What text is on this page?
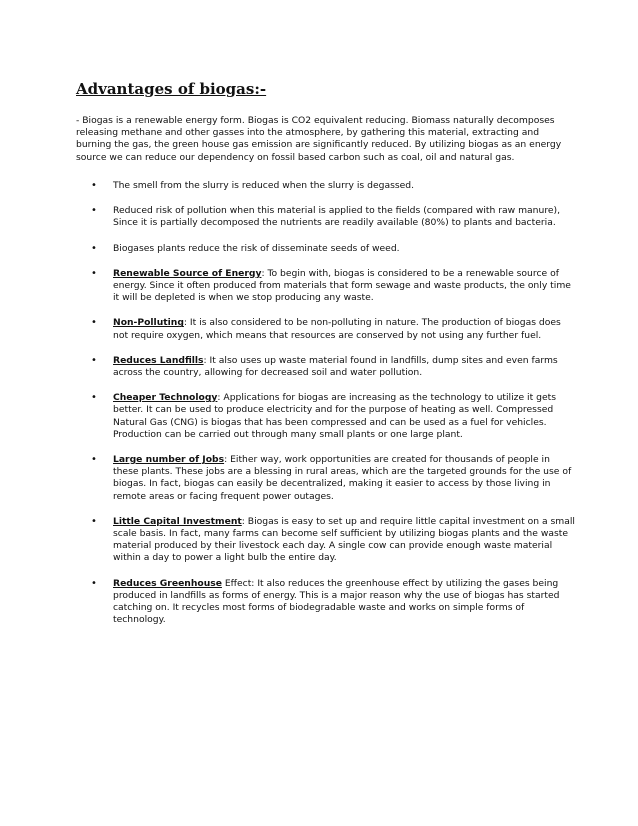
Advantages of biogas:-

- Biogas is a renewable energy form. Biogas is CO2 equivalent reducing. Biomass naturally decomposes releasing methane and other gasses into the atmosphere, by gathering this material, extracting and burning the gas, the green house gas emission are significantly reduced. By utilizing biogas as an energy source we can reduce our dependency on fossil based carbon such as coal, oil and natural gas.

• The smell from the slurry is reduced when the slurry is degassed.
• Reduced risk of pollution when this material is applied to the fields (compared with raw manure), Since it is partially decomposed the nutrients are readily available (80%) to plants and bacteria.
• Biogases plants reduce the risk of disseminate seeds of weed.
• Renewable Source of Energy: To begin with, biogas is considered to be a renewable source of energy. Since it often produced from materials that form sewage and waste products, the only time it will be depleted is when we stop producing any waste.
• Non-Polluting: It is also considered to be non-polluting in nature. The production of biogas does not require oxygen, which means that resources are conserved by not using any further fuel.
• Reduces Landfills: It also uses up waste material found in landfills, dump sites and even farms across the country, allowing for decreased soil and water pollution.
• Cheaper Technology: Applications for biogas are increasing as the technology to utilize it gets better. It can be used to produce electricity and for the purpose of heating as well. Compressed Natural Gas (CNG) is biogas that has been compressed and can be used as a fuel for vehicles. Production can be carried out through many small plants or one large plant.
• Large number of Jobs: Either way, work opportunities are created for thousands of people in these plants. These jobs are a blessing in rural areas, which are the targeted grounds for the use of biogas. In fact, biogas can easily be decentralized, making it easier to access by those living in remote areas or facing frequent power outages.
• Little Capital Investment: Biogas is easy to set up and require little capital investment on a small scale basis. In fact, many farms can become self sufficient by utilizing biogas plants and the waste material produced by their livestock each day. A single cow can provide enough waste material within a day to power a light bulb the entire day.
• Reduces Greenhouse Effect: It also reduces the greenhouse effect by utilizing the gases being produced in landfills as forms of energy. This is a major reason why the use of biogas has started catching on. It recycles most forms of biodegradable waste and works on simple forms of technology.
